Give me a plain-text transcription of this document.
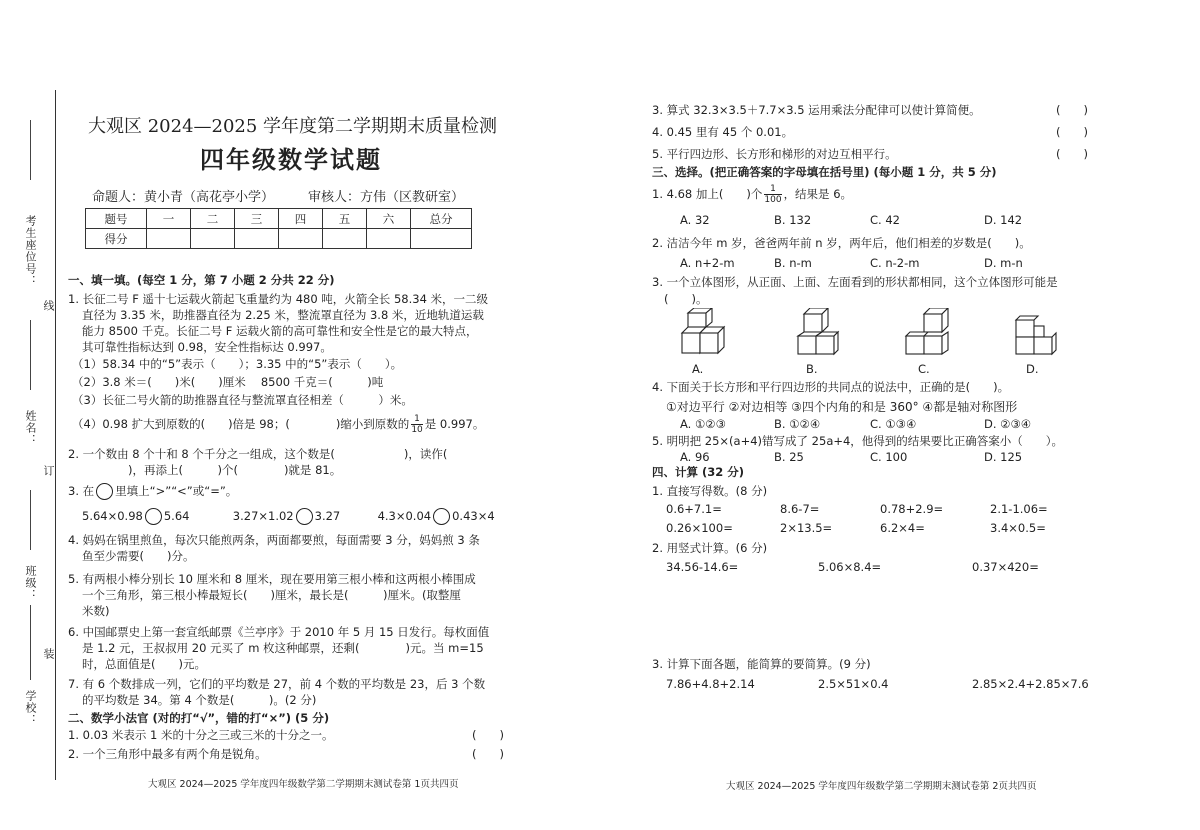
考生座位号：
线
姓名：
订
班级：
装
学校：
大观区 2024—2025 学年度第二学期期末质量检测
四年级数学试题
命题人：黄小青（高花亭小学）	审核人：方伟（区教研室）
题号	一	二	三	四	五	六	总分
得分							
一、填一填。(每空 1 分，第 7 小题 2 分共 22 分)
1. 长征二号 F 遥十七运载火箭起飞重量约为 480 吨，火箭全长 58.34 米，一二级
直径为 3.35 米，助推器直径为 2.25 米，整流罩直径为 3.8 米，近地轨道运载
能力 8500 千克。长征二号 F 运载火箭的高可靠性和安全性是它的最大特点，
其可靠性指标达到 0.98，安全性指标达 0.997。
（1）58.34 中的“5”表示（　　）；3.35 中的“5”表示（　　）。
（2）3.8 米＝(　　)米(　　)厘米　 8500 千克＝(　　　)吨
（3）长征二号火箭的助推器直径与整流罩直径相差（　　　）米。
（4）0.98 扩大到原数的(　　)倍是 98；(　　　　)缩小到原数的 $\frac{1}{10}$ 是 0.997。
2. 一个数由 8 个十和 8 个千分之一组成，这个数是(　　　　　　)，读作(
　　　　)，再添上(　　　)个(　　　　)就是 81。
3. 在 里填上“>”“<”或“=”。
5.64×0.98 5.64	3.27×1.02 3.27	4.3×0.04 0.43×4
4. 妈妈在锅里煎鱼，每次只能煎两条，两面都要煎，每面需要 3 分，妈妈煎 3 条
鱼至少需要(　　)分。
5. 有两根小棒分别长 10 厘米和 8 厘米，现在要用第三根小棒和这两根小棒围成
一个三角形，第三根小棒最短长(　　)厘米，最长是(　　　)厘米。(取整厘
米数)
6. 中国邮票史上第一套宣纸邮票《兰亭序》于 2010 年 5 月 15 日发行。每枚面值
是 1.2 元，王叔叔用 20 元买了 m 枚这种邮票，还剩(　　　　)元。当 m=15
时，总面值是(　　)元。
7. 有 6 个数排成一列，它们的平均数是 27，前 4 个数的平均数是 23，后 3 个数
的平均数是 34。第 4 个数是(　　　)。(2 分)
二、数学小法官 (对的打“√”，错的打“×”) (5 分)
1. 0.03 米表示 1 米的十分之三或三米的十分之一。	(　　)
2. 一个三角形中最多有两个角是锐角。	(　　)
大观区 2024—2025 学年度四年级数学第二学期期末测试卷第 1页共四页
3. 算式 32.3×3.5＋7.7×3.5 运用乘法分配律可以使计算简便。	(　　)
4. 0.45 里有 45 个 0.01。	(　　)
5. 平行四边形、长方形和梯形的对边互相平行。	(　　)
三、选择。(把正确答案的字母填在括号里) (每小题 1 分，共 5 分)
1. 4.68 加上(　　)个 $\frac{1}{100}$ ，结果是 6。
A. 32	B. 132	C. 42	D. 142
2. 洁洁今年 m 岁，爸爸两年前 n 岁，两年后，他们相差的岁数是(　　)。
A. n+2-m	B. n-m	C. n-2-m	D. m-n
3. 一个立体图形，从正面、上面、左面看到的形状都相同，这个立体图形可能是
(　　)。
A.	B.	C.	D.
4. 下面关于长方形和平行四边形的共同点的说法中，正确的是(　　)。
①对边平行 ②对边相等 ③四个内角的和是 360° ④都是轴对称图形
A. ①②③	B. ①②④	C. ①③④	D. ②③④
5. 明明把 25×(a+4)错写成了 25a+4，他得到的结果要比正确答案小（　　）。
A. 96	B. 25	C. 100	D. 125
四、计算 (32 分)
1. 直接写得数。(8 分)
0.6+7.1=	8.6-7=	0.78+2.9=	2.1-1.06=
0.26×100=	2×13.5=	6.2×4=	3.4×0.5=
2. 用竖式计算。(6 分)
34.56-14.6=	5.06×8.4=	0.37×420=
3. 计算下面各题，能简算的要简算。(9 分)
7.86+4.8+2.14	2.5×51×0.4	2.85×2.4+2.85×7.6
大观区 2024—2025 学年度四年级数学第二学期期末测试卷第 2页共四页
